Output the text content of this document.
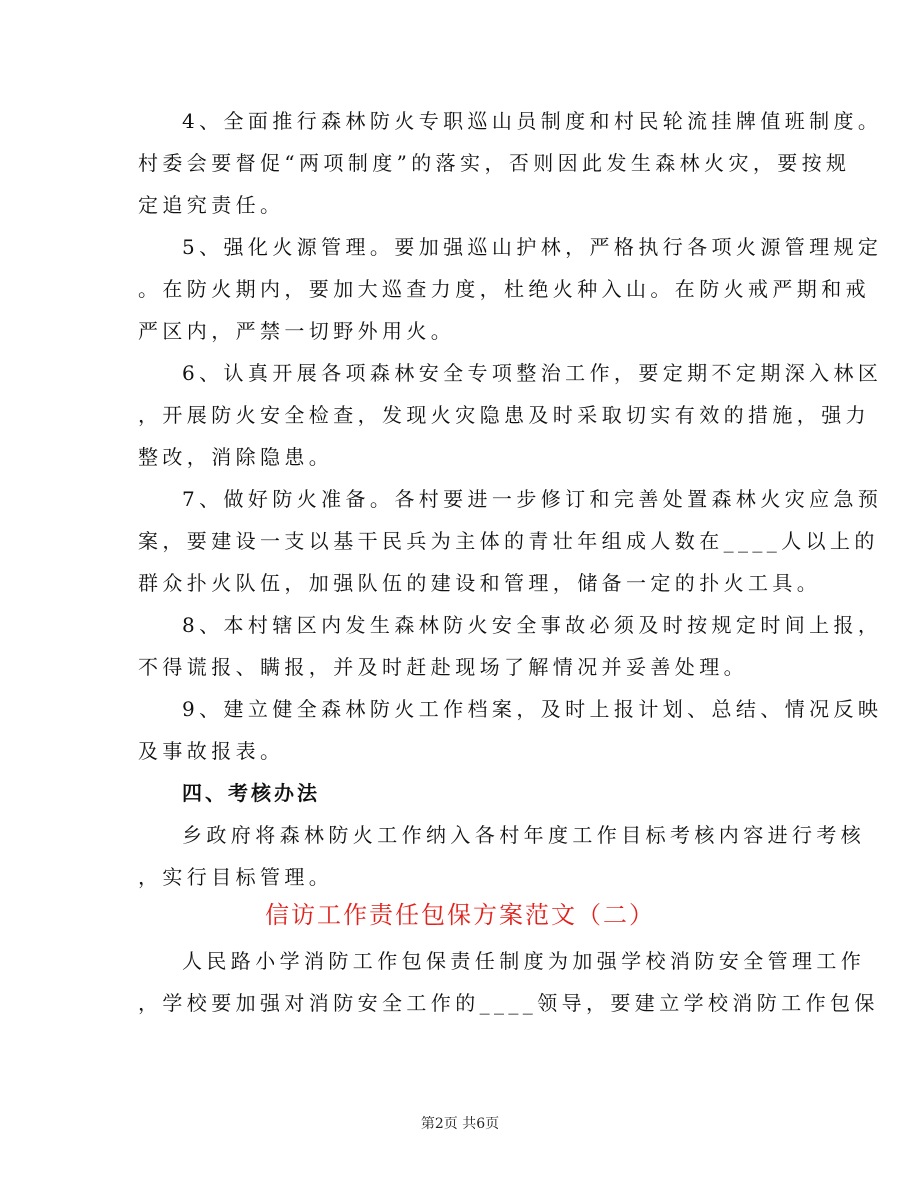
4、全面推行森林防火专职巡山员制度和村民轮流挂牌值班制度。
村委会要督促“两项制度”的落实，否则因此发生森林火灾，要按规
定追究责任。
5、强化火源管理。要加强巡山护林，严格执行各项火源管理规定
。在防火期内，要加大巡查力度，杜绝火种入山。在防火戒严期和戒
严区内，严禁一切野外用火。
6、认真开展各项森林安全专项整治工作，要定期不定期深入林区
，开展防火安全检查，发现火灾隐患及时采取切实有效的措施，强力
整改，消除隐患。
7、做好防火准备。各村要进一步修订和完善处置森林火灾应急预
案，要建设一支以基干民兵为主体的青壮年组成人数在____人以上的
群众扑火队伍，加强队伍的建设和管理，储备一定的扑火工具。
8、本村辖区内发生森林防火安全事故必须及时按规定时间上报，
不得谎报、瞒报，并及时赶赴现场了解情况并妥善处理。
9、建立健全森林防火工作档案，及时上报计划、总结、情况反映
及事故报表。
四、考核办法
乡政府将森林防火工作纳入各村年度工作目标考核内容进行考核
，实行目标管理。
信访工作责任包保方案范文（二）
人民路小学消防工作包保责任制度为加强学校消防安全管理工作
，学校要加强对消防安全工作的____领导，要建立学校消防工作包保
第2页 共6页
